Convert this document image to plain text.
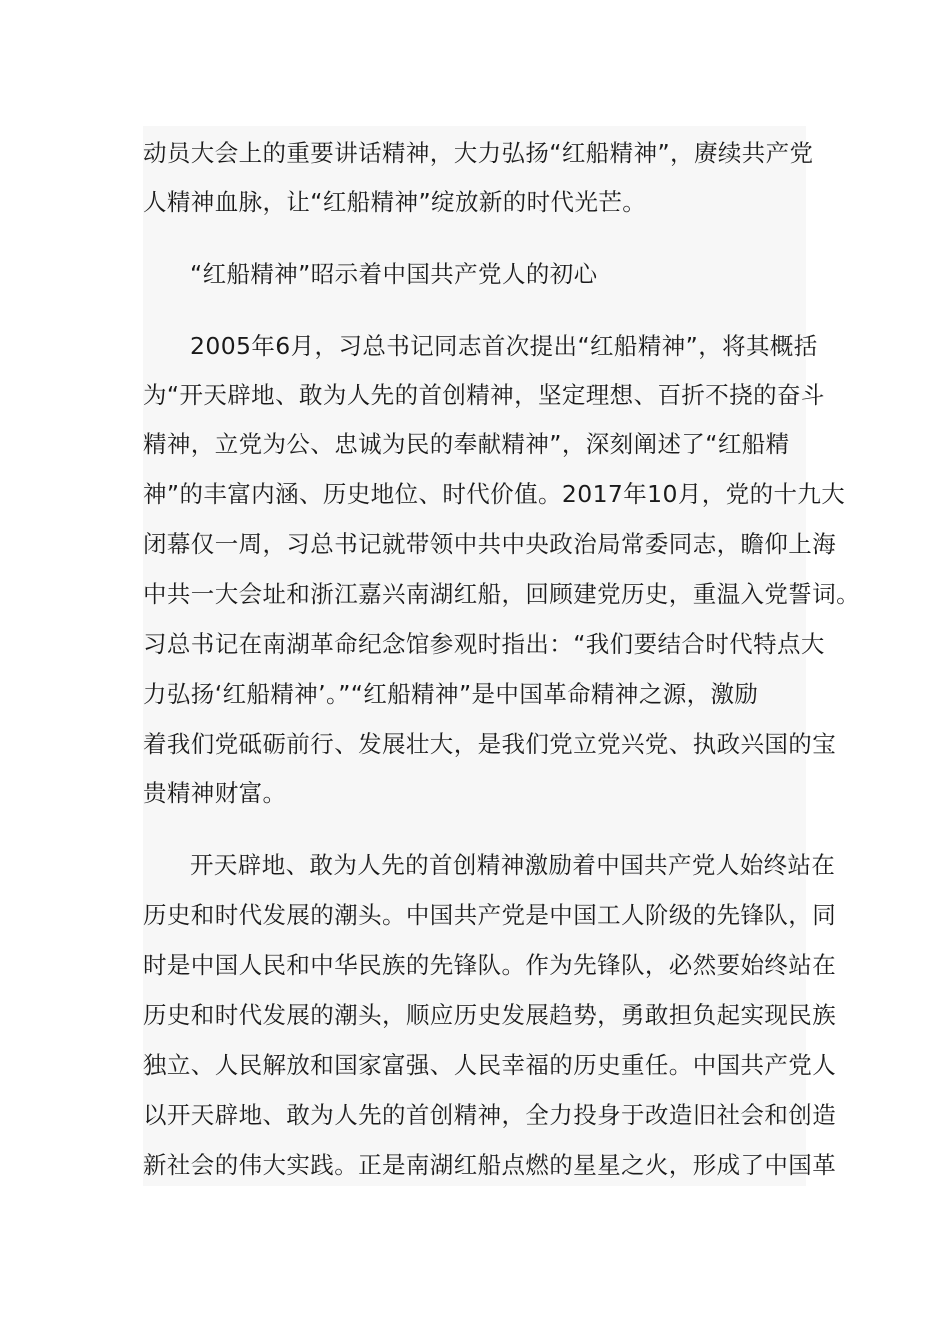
动员大会上的重要讲话精神，大力弘扬“红船精神”，赓续共产党
人精神血脉，让“红船精神”绽放新的时代光芒。
“红船精神”昭示着中国共产党人的初心
2005年6月，习总书记同志首次提出“红船精神”，将其概括
为“开天辟地、敢为人先的首创精神，坚定理想、百折不挠的奋斗
精神，立党为公、忠诚为民的奉献精神”，深刻阐述了“红船精
神”的丰富内涵、历史地位、时代价值。2017年10月，党的十九大
闭幕仅一周，习总书记就带领中共中央政治局常委同志，瞻仰上海
中共一大会址和浙江嘉兴南湖红船，回顾建党历史，重温入党誓词。
习总书记在南湖革命纪念馆参观时指出：“我们要结合时代特点大
力弘扬‘红船精神’。”“红船精神”是中国革命精神之源，激励
着我们党砥砺前行、发展壮大，是我们党立党兴党、执政兴国的宝
贵精神财富。
开天辟地、敢为人先的首创精神激励着中国共产党人始终站在
历史和时代发展的潮头。中国共产党是中国工人阶级的先锋队，同
时是中国人民和中华民族的先锋队。作为先锋队，必然要始终站在
历史和时代发展的潮头，顺应历史发展趋势，勇敢担负起实现民族
独立、人民解放和国家富强、人民幸福的历史重任。中国共产党人
以开天辟地、敢为人先的首创精神，全力投身于改造旧社会和创造
新社会的伟大实践。正是南湖红船点燃的星星之火，形成了中国革
